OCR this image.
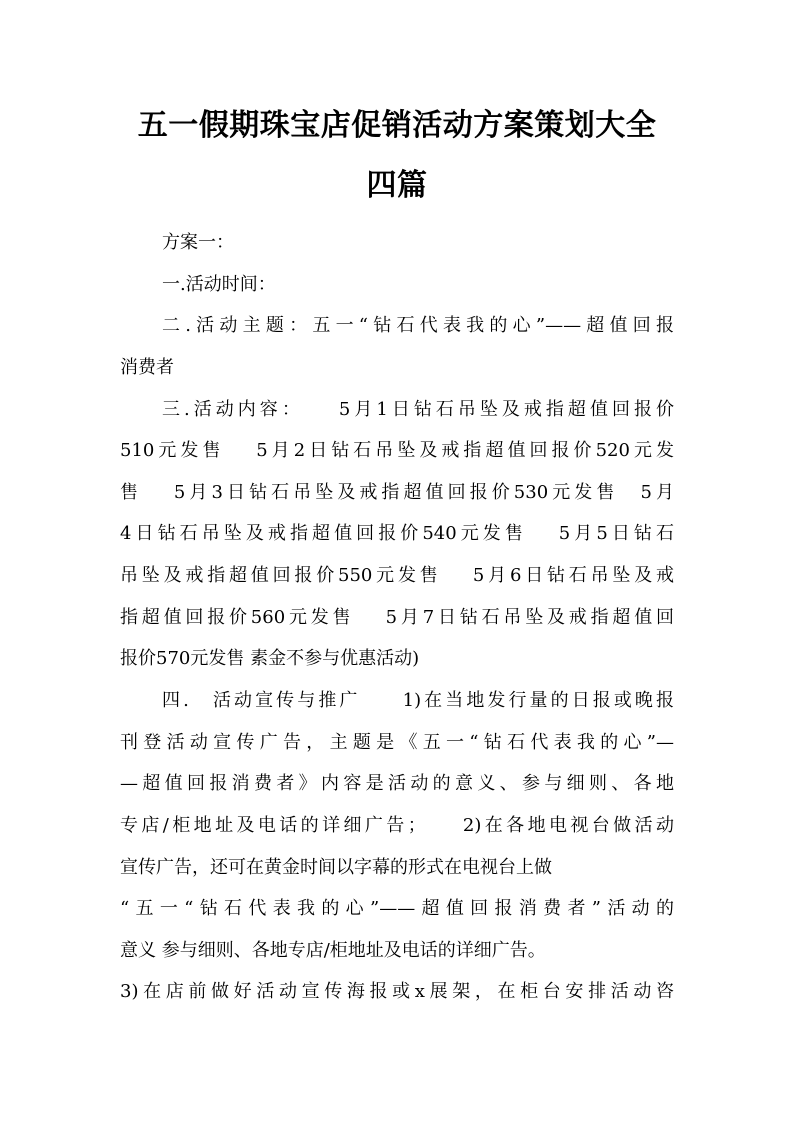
五一假期珠宝店促销活动方案策划大全
四篇

方案一：

一.活动时间：

二.活动主题：五一“钻石代表我的心”——超值回报

消费者

三.活动内容：　　5月1日钻石吊坠及戒指超值回报价

510元发售　 5月2日钻石吊坠及戒指超值回报价520元发

售　 5月3日钻石吊坠及戒指超值回报价530元发售　5月

4日钻石吊坠及戒指超值回报价540元发售　 5月5日钻石

吊坠及戒指超值回报价550元发售　 5月6日钻石吊坠及戒

指超值回报价560元发售　 5月7日钻石吊坠及戒指超值回

报价570元发售 素金不参与优惠活动)

四.　活动宣传与推广　　1)在当地发行量的日报或晚报

刊登活动宣传广告，主题是《五一“钻石代表我的心”—

—超值回报消费者》内容是活动的意义、参与细则、各地

专店/柜地址及电话的详细广告；　　2)在各地电视台做活动

宣传广告，还可在黄金时间以字幕的形式在电视台上做

“五一“钻石代表我的心”——超值回报消费者”活动的

意义 参与细则、各地专店/柜地址及电话的详细广告。

3)在店前做好活动宣传海报或x展架，在柜台安排活动咨
